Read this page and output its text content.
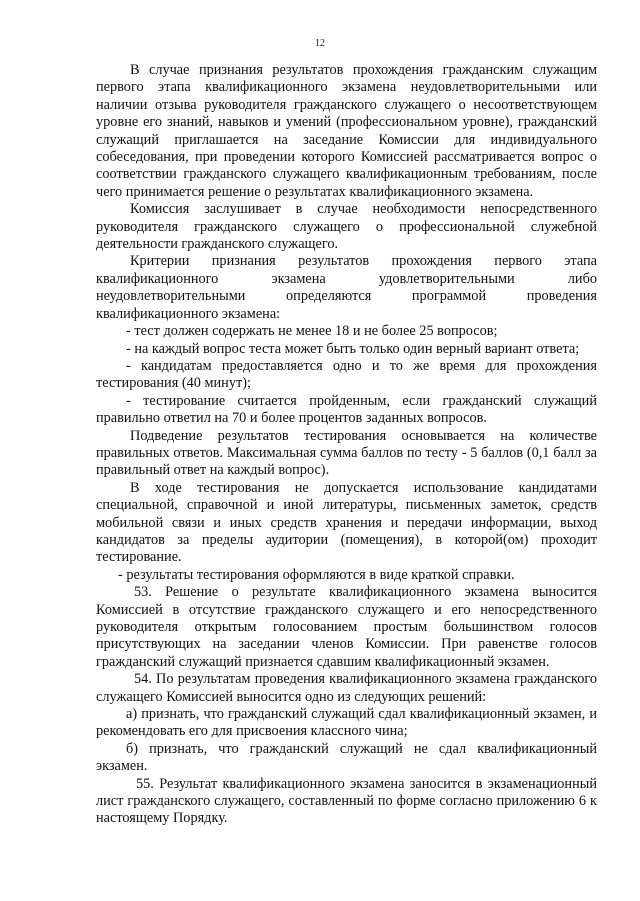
12

В случае признания результатов прохождения гражданским служащим первого этапа квалификационного экзамена неудовлетворительными или наличии отзыва руководителя гражданского служащего о несоответствующем уровне его знаний, навыков и умений (профессиональном уровне), гражданский служащий приглашается на заседание Комиссии для индивидуального собеседования, при проведении которого Комиссией рассматривается вопрос о соответствии гражданского служащего квалификационным требованиям, после чего принимается решение о результатах квалификационного экзамена.

Комиссия заслушивает в случае необходимости непосредственного руководителя гражданского служащего о профессиональной служебной деятельности гражданского служащего.

Критерии признания результатов прохождения первого этапа квалификационного экзамена удовлетворительными либо неудовлетворительными определяются программой проведения квалификационного экзамена:

- тест должен содержать не менее 18 и не более 25 вопросов;

- на каждый вопрос теста может быть только один верный вариант ответа;

- кандидатам предоставляется одно и то же время для прохождения тестирования (40 минут);

- тестирование считается пройденным, если гражданский служащий правильно ответил на 70 и более процентов заданных вопросов.

Подведение результатов тестирования основывается на количестве правильных ответов. Максимальная сумма баллов по тесту - 5 баллов (0,1 балл за правильный ответ на каждый вопрос).

В ходе тестирования не допускается использование кандидатами специальной, справочной и иной литературы, письменных заметок, средств мобильной связи и иных средств хранения и передачи информации, выход кандидатов за пределы аудитории (помещения), в которой(ом) проходит тестирование.

- результаты тестирования оформляются в виде краткой справки.

53. Решение о результате квалификационного экзамена выносится Комиссией в отсутствие гражданского служащего и его непосредственного руководителя открытым голосованием простым большинством голосов присутствующих на заседании членов Комиссии. При равенстве голосов гражданский служащий признается сдавшим квалификационный экзамен.

54. По результатам проведения квалификационного экзамена гражданского служащего Комиссией выносится одно из следующих решений:

а) признать, что гражданский служащий сдал квалификационный экзамен, и рекомендовать его для присвоения классного чина;

б) признать, что гражданский служащий не сдал квалификационный экзамен.

55. Результат квалификационного экзамена заносится в экзаменационный лист гражданского служащего, составленный по форме согласно приложению 6 к настоящему Порядку.
